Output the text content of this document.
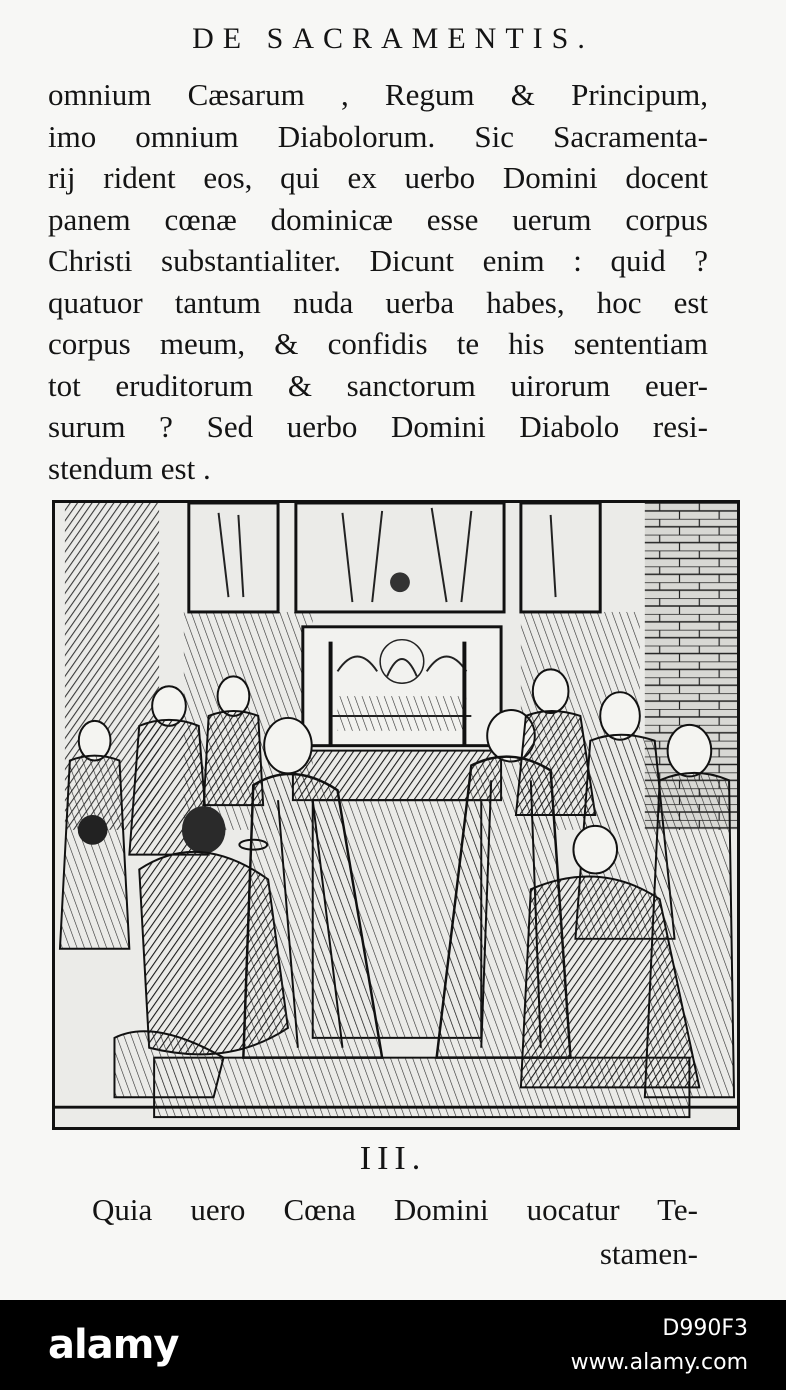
DE SACRAMENTIS.
omnium Cæsarum , Regum & Principum,
imo omnium Diabolorum. Sic Sacramenta-
rij rident eos, qui ex uerbo Domini docent
panem cœnæ dominicæ esse uerum corpus
Christi substantialiter. Dicunt enim : quid ?
quatuor tantum nuda uerba habes, hoc est
corpus meum, & confidis te his sententiam
tot eruditorum & sanctorum uirorum euer-
surum ? Sed uerbo Domini Diabolo resi-
stendum est .
III.
Quia uero Cœna Domini uocatur Te-
stamen-
alamy	D990F3
www.alamy.com
